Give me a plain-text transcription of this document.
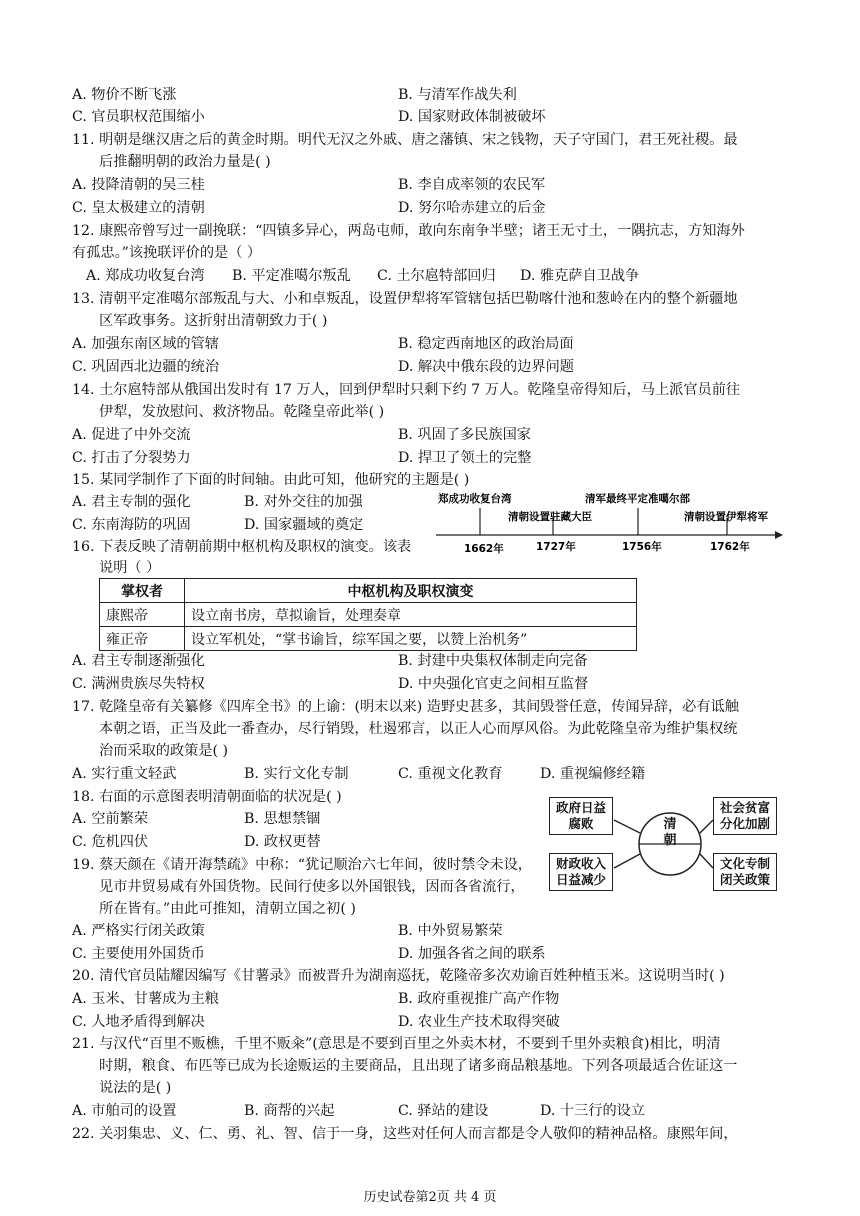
A. 物价不断飞涨	B. 与清军作战失利
C. 官员职权范围缩小	D. 国家财政体制被破坏
11. 明朝是继汉唐之后的黄金时期。明代无汉之外戚、唐之藩镇、宋之钱物，天子守国门，君王死社稷。最
后推翻明朝的政治力量是( )
A. 投降清朝的吴三桂	B. 李自成率领的农民军
C. 皇太极建立的清朝	D. 努尔哈赤建立的后金
12. 康熙帝曾写过一副挽联：“四镇多异心，两岛屯师，敢向东南争半壁；诸王无寸土，一隅抗志，方知海外
有孤忠。”该挽联评价的是（ ）
A. 郑成功收复台湾 B. 平定准噶尔叛乱 C. 土尔扈特部回归 D. 雅克萨自卫战争
13. 清朝平定准噶尔部叛乱与大、小和卓叛乱，设置伊犁将军管辖包括巴勒喀什池和葱岭在内的整个新疆地
区军政事务。这折射出清朝致力于( )
A. 加强东南区域的管辖	B. 稳定西南地区的政治局面
C. 巩固西北边疆的统治	D. 解决中俄东段的边界问题
14. 土尔扈特部从俄国出发时有 17 万人，回到伊犁时只剩下约 7 万人。乾隆皇帝得知后，马上派官员前往
伊犁，发放慰问、救济物品。乾隆皇帝此举( )
A. 促进了中外交流	B. 巩固了多民族国家
C. 打击了分裂势力	D. 捍卫了领土的完整
15. 某同学制作了下面的时间轴。由此可知，他研究的主题是( )
A. 君主专制的强化	B. 对外交往的加强
C. 东南海防的巩固	D. 国家疆域的奠定
郑成功收复台湾	清军最终平定准噶尔部
清朝设置驻藏大臣	清朝设置伊犁将军
1662年	1727年	1756年	1762年
16. 下表反映了清朝前期中枢机构及职权的演变。该表
说明（ ）
掌权者	中枢机构及职权演变
康熙帝	设立南书房，草拟谕旨，处理奏章
雍正帝	设立军机处，“掌书谕旨，综军国之要，以赞上治机务”
A. 君主专制逐渐强化	B. 封建中央集权体制走向完备
C. 满洲贵族尽失特权	D. 中央强化官吏之间相互监督
17. 乾隆皇帝有关纂修《四库全书》的上谕：(明末以来) 造野史甚多，其间毁誉任意，传闻异辞，必有诋触
本朝之语，正当及此一番查办，尽行销毁，杜遏邪言，以正人心而厚风俗。为此乾隆皇帝为维护集权统
治而采取的政策是( )
A. 实行重文轻武	B. 实行文化专制	C. 重视文化教育	D. 重视编修经籍
18. 右面的示意图表明清朝面临的状况是( )
A. 空前繁荣	B. 思想禁锢
C. 危机四伏	D. 政权更替
清朝
政府日益腐败
社会贫富分化加剧
财政收入日益减少
文化专制闭关政策
19. 蔡天颜在《请开海禁疏》中称：“犹记顺治六七年间，彼时禁令未设，
见市井贸易咸有外国货物。民间行使多以外国银钱，因而各省流行，
所在皆有。”由此可推知，清朝立国之初( )
A. 严格实行闭关政策	B. 中外贸易繁荣
C. 主要使用外国货币	D. 加强各省之间的联系
20. 清代官员陆耀因编写《甘薯录》而被晋升为湖南巡抚，乾隆帝多次劝谕百姓种植玉米。这说明当时( )
A. 玉米、甘薯成为主粮	B. 政府重视推广高产作物
C. 人地矛盾得到解决	D. 农业生产技术取得突破
21. 与汉代“百里不贩樵，千里不贩籴”(意思是不要到百里之外卖木材，不要到千里外卖粮食)相比，明清
时期，粮食、布匹等已成为长途贩运的主要商品，且出现了诸多商品粮基地。下列各项最适合佐证这一
说法的是( )
A. 市舶司的设置	B. 商帮的兴起	C. 驿站的建设	D. 十三行的设立
22. 关羽集忠、义、仁、勇、礼、智、信于一身，这些对任何人而言都是令人敬仰的精神品格。康熙年间，
历史试卷第2页 共 4 页
